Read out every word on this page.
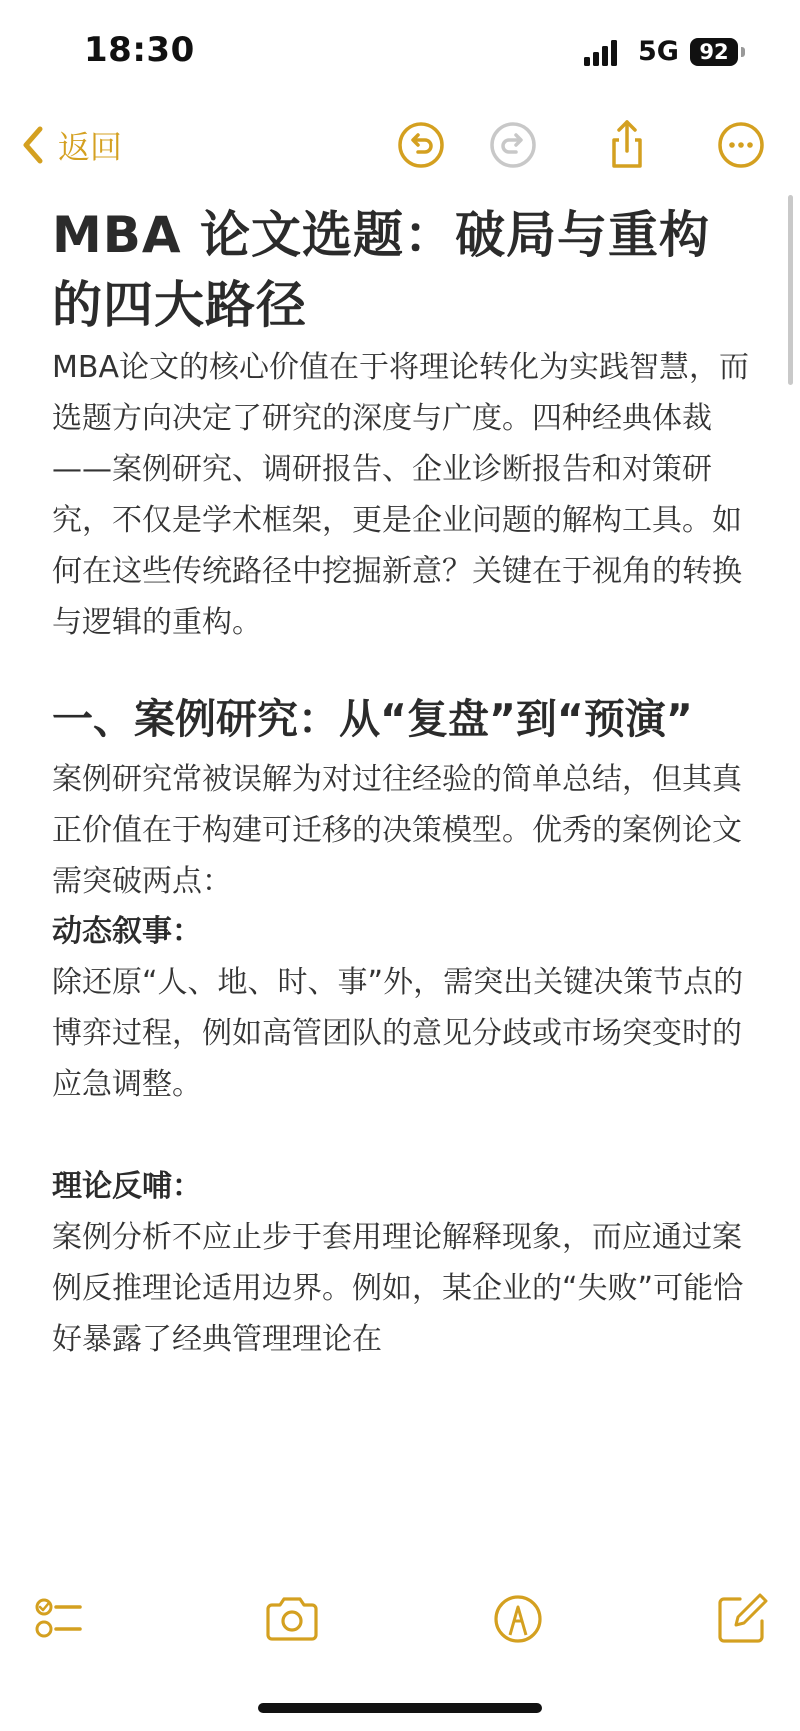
18:30	5G 92
返回
MBA 论文选题：破局与重构的四大路径

MBA论文的核心价值在于将理论转化为实践智慧，而选题方向决定了研究的深度与广度。四种经典体裁——案例研究、调研报告、企业诊断报告和对策研究，不仅是学术框架，更是企业问题的解构工具。如何在这些传统路径中挖掘新意？关键在于视角的转换与逻辑的重构。

一、案例研究：从“复盘”到“预演”

案例研究常被误解为对过往经验的简单总结，但其真正价值在于构建可迁移的决策模型。优秀的案例论文需突破两点：

动态叙事：

除还原“人、地、时、事”外，需突出关键决策节点的博弈过程，例如高管团队的意见分歧或市场突变时的应急调整。

理论反哺：

案例分析不应止步于套用理论解释现象，而应通过案例反推理论适用边界。例如，某企业的“失败”可能恰好暴露了经典管理理论在
